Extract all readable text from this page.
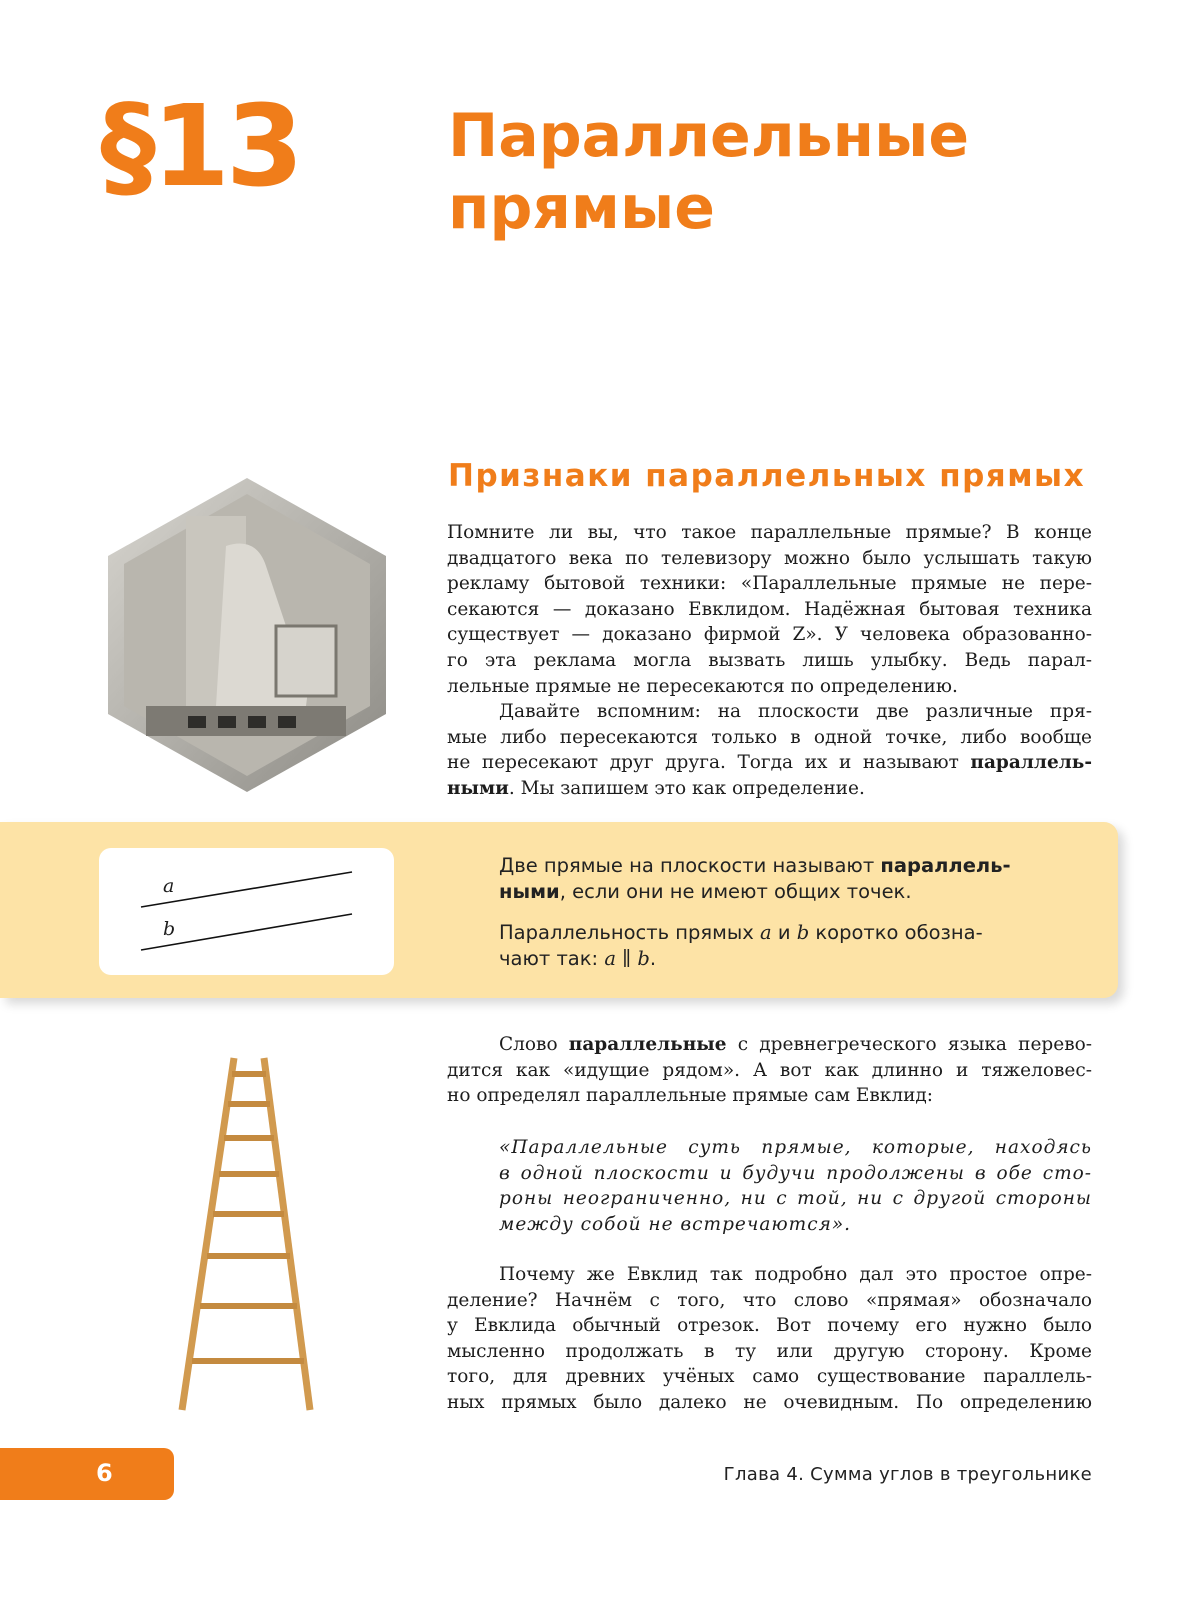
§13 Параллельные
прямые
Признаки параллельных прямых
Помните ли вы, что такое параллельные прямые? В конце
двадцатого века по телевизору можно было услышать такую
рекламу бытовой техники: «Параллельные прямые не пере-
секаются — доказано Евклидом. Надёжная бытовая техника
существует — доказано фирмой Z». У человека образованно-
го эта реклама могла вызвать лишь улыбку. Ведь парал-
лельные прямые не пересекаются по определению.
Давайте вспомним: на плоскости две различные пря-
мые либо пересекаются только в одной точке, либо вообще
не пересекают друг друга. Тогда их и называют параллель-
ными. Мы запишем это как определение.
a
b
Две прямые на плоскости называют параллель-
ными, если они не имеют общих точек.
Параллельность прямых a и b коротко обозна-
чают так: a ∥ b.
Слово параллельные с древнегреческого языка перево-
дится как «идущие рядом». А вот как длинно и тяжеловес-
но определял параллельные прямые сам Евклид:
«Параллельные суть прямые, которые, находясь
в одной плоскости и будучи продолжены в обе сто-
роны неограниченно, ни с той, ни с другой стороны
между собой не встречаются».
Почему же Евклид так подробно дал это простое опре-
деление? Начнём с того, что слово «прямая» обозначало
у Евклида обычный отрезок. Вот почему его нужно было
мысленно продолжать в ту или другую сторону. Кроме
того, для древних учёных само существование параллель-
ных прямых было далеко не очевидным. По определению
6	Глава 4. Сумма углов в треугольнике
